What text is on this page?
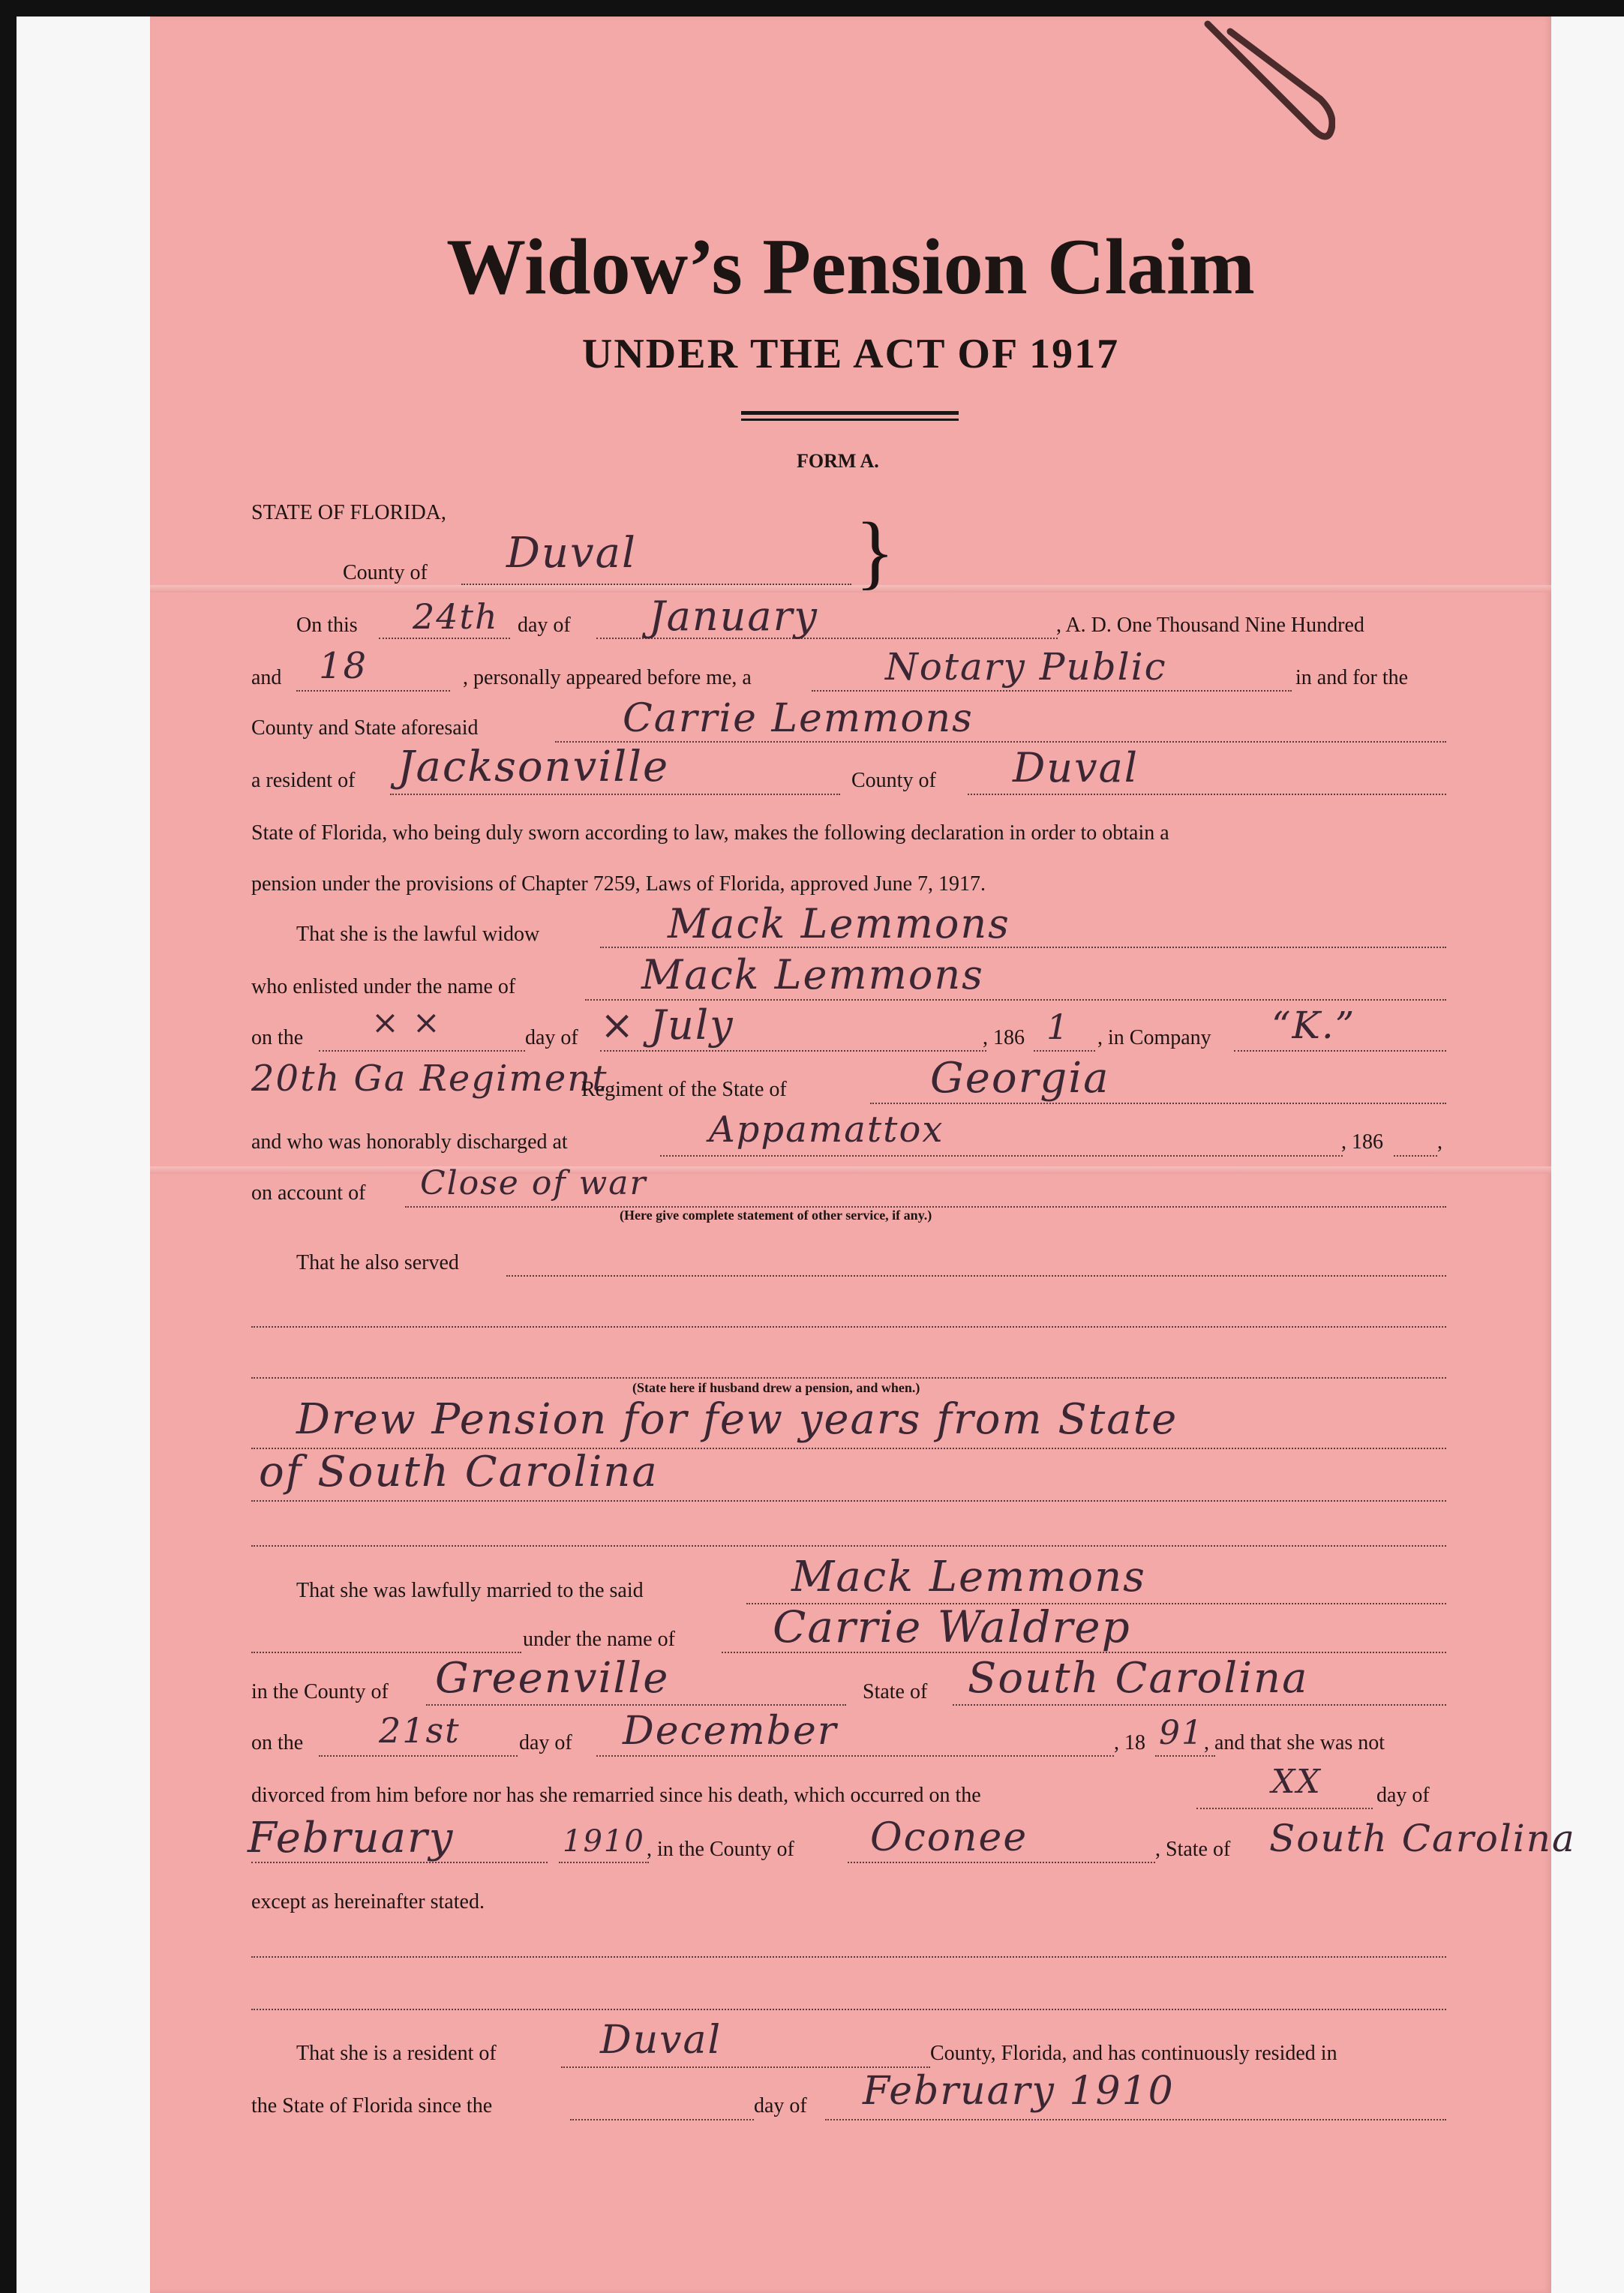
Widow’s Pension Claim
UNDER THE ACT OF 1917
FORM A.
STATE OF FLORIDA,
County of Duval	}
On this 24th day of January	, A. D. One Thousand Nine Hundred
and 18	, personally appeared before me, a	Notary Public	in and for the
County and State aforesaid	Carrie Lemmons
a resident of Jacksonville	County of Duval
State of Florida, who being duly sworn according to law, makes the following declaration in order to obtain a
pension under the provisions of Chapter 7259, Laws of Florida, approved June 7, 1917.
That she is the lawful widow	Mack Lemmons
who enlisted under the name of	Mack Lemmons
on the × ×	day of × July	, 186 1 , in Company “K.”
20th Ga Regiment
Regiment of the State of	Georgia
and who was honorably discharged at	Appamattox	, 186	,
on account of Close of war
(Here give complete statement of other service, if any.)
That he also served
(State here if husband drew a pension, and when.)
Drew Pension for few years from State
of South Carolina
That she was lawfully married to the said	Mack Lemmons
under the name of Carrie Waldrep
in the County of Greenville	State of South Carolina
on the 21st	day of December	, 18 91 , and that she was not
divorced from him before nor has she remarried since his death, which occurred on the	XX	day of
February	1910 , in the County of Oconee	, State of South Carolina
except as hereinafter stated.
That she is a resident of	Duval	County, Florida, and has continuously resided in
the State of Florida since the	day of February 1910
